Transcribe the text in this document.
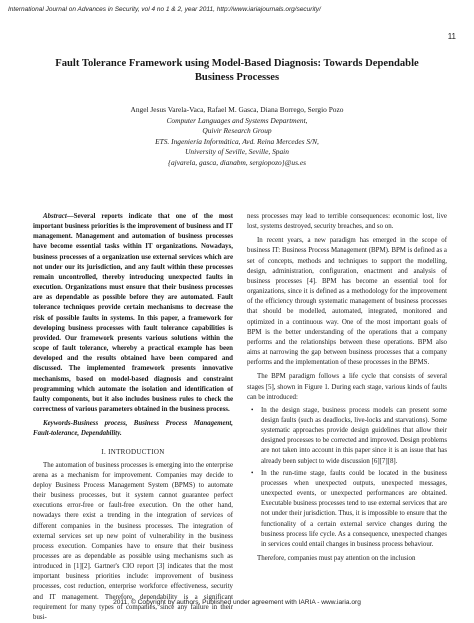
International Journal on Advances in Security, vol 4 no 1 & 2, year 2011, http://www.iariajournals.org/security/
11
Fault Tolerance Framework using Model-Based Diagnosis: Towards Dependable Business Processes
Angel Jesus Varela-Vaca, Rafael M. Gasca, Diana Borrego, Sergio Pozo
Computer Languages and Systems Department,
Quivir Research Group
ETS. Ingeniería Informática, Avd. Reina Mercedes S/N,
University of Seville, Seville, Spain
{ajvarela, gasca, dianabm, sergiopozo}@us.es

Abstract—Several reports indicate that one of the most important business priorities is the improvement of business and IT management. Management and automation of business processes have become essential tasks within IT organizations. Nowadays, business processes of a organization use external services which are not under our its jurisdiction, and any fault within these processes remain uncontrolled, thereby introducing unexpected faults in execution. Organizations must ensure that their business processes are as dependable as possible before they are automated. Fault tolerance techniques provide certain mechanisms to decrease the risk of possible faults in systems. In this paper, a framework for developing business processes with fault tolerance capabilities is provided. Our framework presents various solutions within the scope of fault tolerance, whereby a practical example has been developed and the results obtained have been compared and discussed. The implemented framework presents innovative mechanisms, based on model-based diagnosis and constraint programming which automate the isolation and identification of faulty components, but it also includes business rules to check the correctness of various parameters obtained in the business process.

Keywords-Business process, Business Process Management, Fault-tolerance, Dependability.

I. INTRODUCTION

The automation of business processes is emerging into the enterprise arena as a mechanism for improvement. Companies may decide to deploy Business Process Management System (BPMS) to automate their business processes, but it system cannot guarantee perfect executions error-free or fault-free execution. On the other hand, nowadays there exist a trending in the integration of services of different companies in the business processes. The integration of external services set up new point of vulnerability in the business process execution. Companies have to ensure that their business processes are as dependable as possible using mechanisms such as introduced in [1][2]. Gartner's CIO report [3] indicates that the most important business priorities include: improvement of business processes, cost reduction, enterprise workforce effectiveness, security and IT management. Therefore, dependability is a significant requirement for many types of companies, since any failure in their busi-

ness processes may lead to terrible consequences: economic lost, live lost, systems destroyed, security breaches, and so on.

In recent years, a new paradigm has emerged in the scope of business IT: Business Process Management (BPM). BPM is defined as a set of concepts, methods and techniques to support the modelling, design, administration, configuration, enactment and analysis of business processes [4]. BPM has become an essential tool for organizations, since it is defined as a methodology for the improvement of the efficiency through systematic management of business processes that should be modelled, automated, integrated, monitored and optimized in a continuous way. One of the most important goals of BPM is the better understanding of the operations that a company performs and the relationships between these operations. BPM also aims at narrowing the gap between business processes that a company performs and the implementation of these processes in the BPMS.

The BPM paradigm follows a life cycle that consists of several stages [5], shown in Figure 1. During each stage, various kinds of faults can be introduced:

• In the design stage, business process models can present some design faults (such as deadlocks, live-locks and starvations). Some systematic approaches provide design guidelines that allow their designed processes to be corrected and improved. Design problems are not taken into account in this paper since it is an issue that has already been subject to wide discussion [6][7][8].
• In the run-time stage, faults could be located in the business processes when unexpected outputs, unexpected messages, unexpected events, or unexpected performances are obtained. Executable business processes tend to use external services that are not under their jurisdiction. Thus, it is impossible to ensure that the functionality of a certain external service changes during the business process life cycle. As a consequence, unexpected changes in services could entail changes in business process behaviour.

Therefore, companies must pay attention on the inclusion

2011, © Copyright by authors, Published under agreement with IARIA - www.iaria.org
